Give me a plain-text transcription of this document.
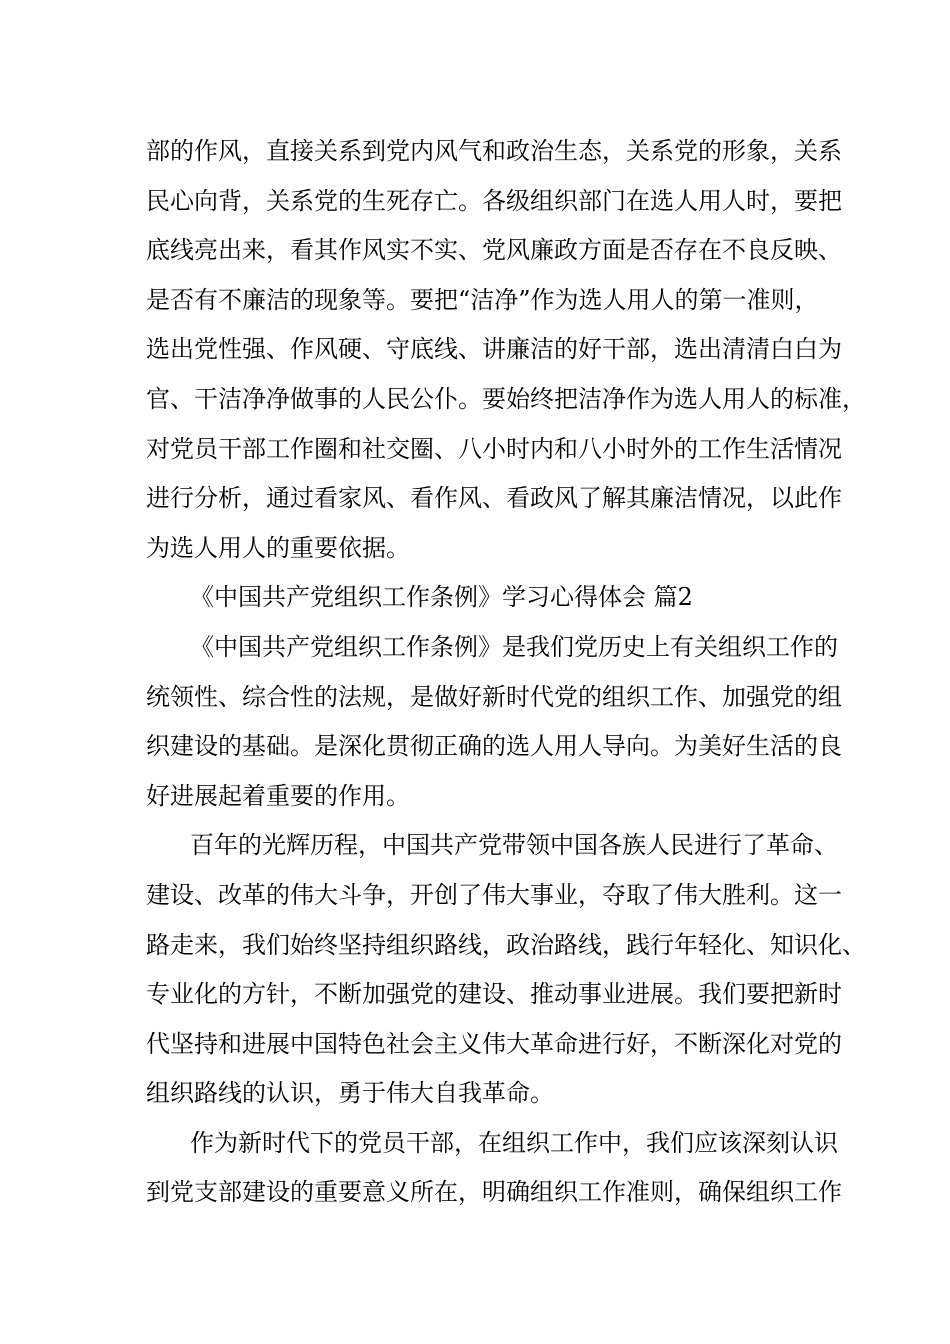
部的作风，直接关系到党内风气和政治生态，关系党的形象，关系
民心向背，关系党的生死存亡。各级组织部门在选人用人时，要把
底线亮出来，看其作风实不实、党风廉政方面是否存在不良反映、
是否有不廉洁的现象等。要把“洁净”作为选人用人的第一准则，
选出党性强、作风硬、守底线、讲廉洁的好干部，选出清清白白为
官、干洁净净做事的人民公仆。要始终把洁净作为选人用人的标准，
对党员干部工作圈和社交圈、八小时内和八小时外的工作生活情况
进行分析，通过看家风、看作风、看政风了解其廉洁情况，以此作
为选人用人的重要依据。
《中国共产党组织工作条例》学习心得体会 篇2
《中国共产党组织工作条例》是我们党历史上有关组织工作的
统领性、综合性的法规，是做好新时代党的组织工作、加强党的组
织建设的基础。是深化贯彻正确的选人用人导向。为美好生活的良
好进展起着重要的作用。
百年的光辉历程，中国共产党带领中国各族人民进行了革命、
建设、改革的伟大斗争，开创了伟大事业，夺取了伟大胜利。这一
路走来，我们始终坚持组织路线，政治路线，践行年轻化、知识化、
专业化的方针，不断加强党的建设、推动事业进展。我们要把新时
代坚持和进展中国特色社会主义伟大革命进行好，不断深化对党的
组织路线的认识，勇于伟大自我革命。
作为新时代下的党员干部，在组织工作中，我们应该深刻认识
到党支部建设的重要意义所在，明确组织工作准则，确保组织工作
